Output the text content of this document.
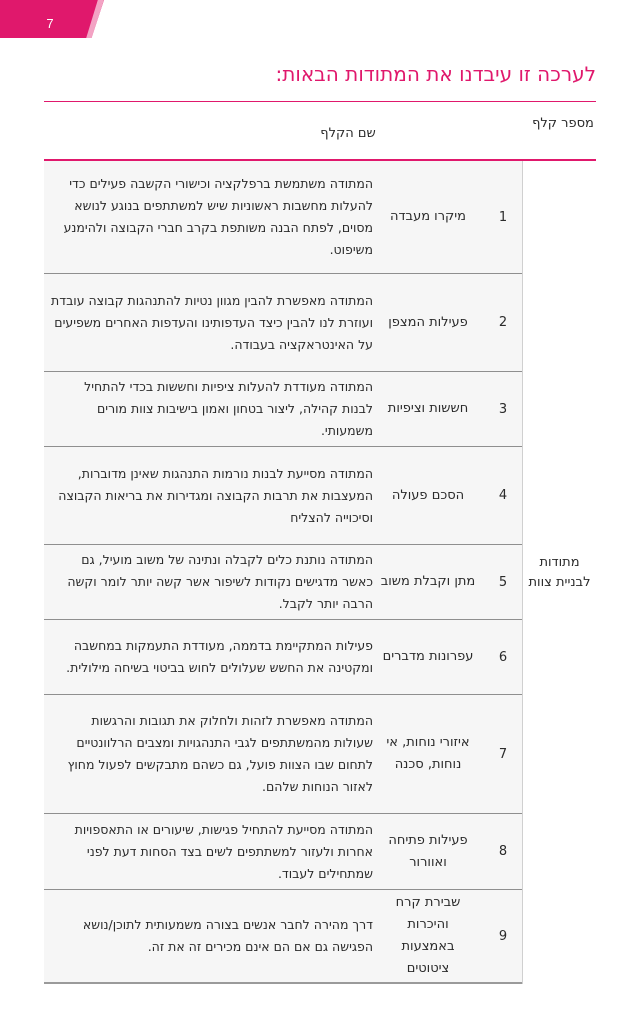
7
לערכה זו עיבדנו את המתודות הבאות:
מספר קלף
שם הקלף
מתודות לבניית צוות
1
מיקרו מעבדה
המתודה משתמשת ברפלקציה וכישורי הקשבה פעילים כדי להעלות מחשבות ראשוניות שיש למשתתפים בנוגע לנושא מסוים, לפתח הבנה משותפת בקרב חברי הקבוצה ולהימנע משיפוט.
2
פעילות המצפן
המתודה מאפשרת להבין מגוון נטיות להתנהגות קבוצה עובדת ועוזרת לנו להבין כיצד העדפותינו והעדפות האחרים משפיעים על האינטראקציה בעבודה.
3
חששות וציפיות
המתודה מעודדת להעלות ציפיות וחששות בכדי להתחיל לבנות קהילה, ליצור בטחון ואמון בישיבות צוות מורים משמעותי.
4
הסכם פעולה
המתודה מסייעת לבנות נורמות התנהגות שאינן מדוברות, המעצבות את תרבות הקבוצה ומגדירות את בריאות הקבוצה וסיכוייה להצליח
5
מתן וקבלת משוב
המתודה נותנת כלים לקבלה ונתינה של משוב מועיל, גם כאשר מדגישים נקודות לשיפור אשר קשה יותר לומר וקשה הרבה יותר לקבל.
6
עפרונות מדברים
פעילות המתקיימת בדממה, מעודדת התעמקות במחשבה ומקטינה את החשש שעלולים לחוש בביטוי בשיחה מילולית.
7
איזורי נוחות, אי נוחות, סכנה
המתודה מאפשרת לזהות ולחלוק את תגובות והרגשות שעולות מהמשתתפים לגבי התנהגויות ומצבים הרלוונטיים לתחום שבו הצוות פועל, גם כשהם מתבקשים לפעול מחוץ לאזור הנוחות שלהם.
8
פעילות פתיחה ואוורור
המתודה מסייעת להתחיל פגישות, שיעורים או התאספויות אחרות ולעזור למשתתפים לשים בצד הסחות דעת לפני שמתחילים לעבוד.
9
שבירת קרח והיכרות באמצעות ציטוטים
דרך מהירה לחבר אנשים בצורה משמעותית לתוכן/נושא הפגישה גם אם הם אינם מכירים זה את זה.
